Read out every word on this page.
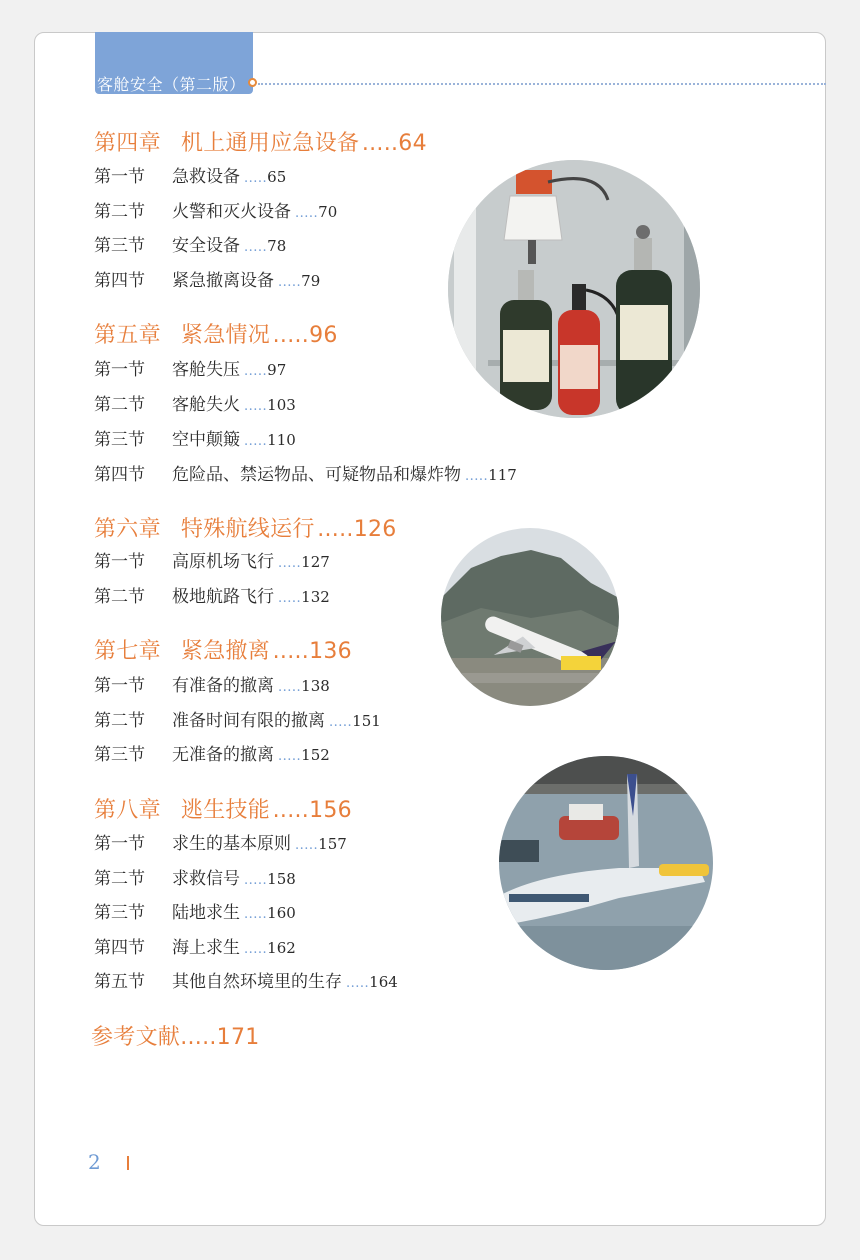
客舱安全（第二版）
第四章 机上通用应急设备  .....64
第一节 急救设备 .....65
第二节 火警和灭火设备 .....70
第三节 安全设备 .....78
第四节 紧急撤离设备 .....79
第五章 紧急情况  .....96
第一节 客舱失压 .....97
第二节 客舱失火 .....103
第三节 空中颠簸 .....110
第四节 危险品、禁运物品、可疑物品和爆炸物 .....117
第六章 特殊航线运行  .....126
第一节 高原机场飞行 .....127
第二节 极地航路飞行 .....132
第七章 紧急撤离  .....136
第一节 有准备的撤离 .....138
第二节 准备时间有限的撤离 .....151
第三节 无准备的撤离 .....152
第八章 逃生技能  .....156
第一节 求生的基本原则 .....157
第二节 求救信号 .....158
第三节 陆地求生 .....160
第四节 海上求生 .....162
第五节 其他自然环境里的生存 .....164
参考文献.....171
2
